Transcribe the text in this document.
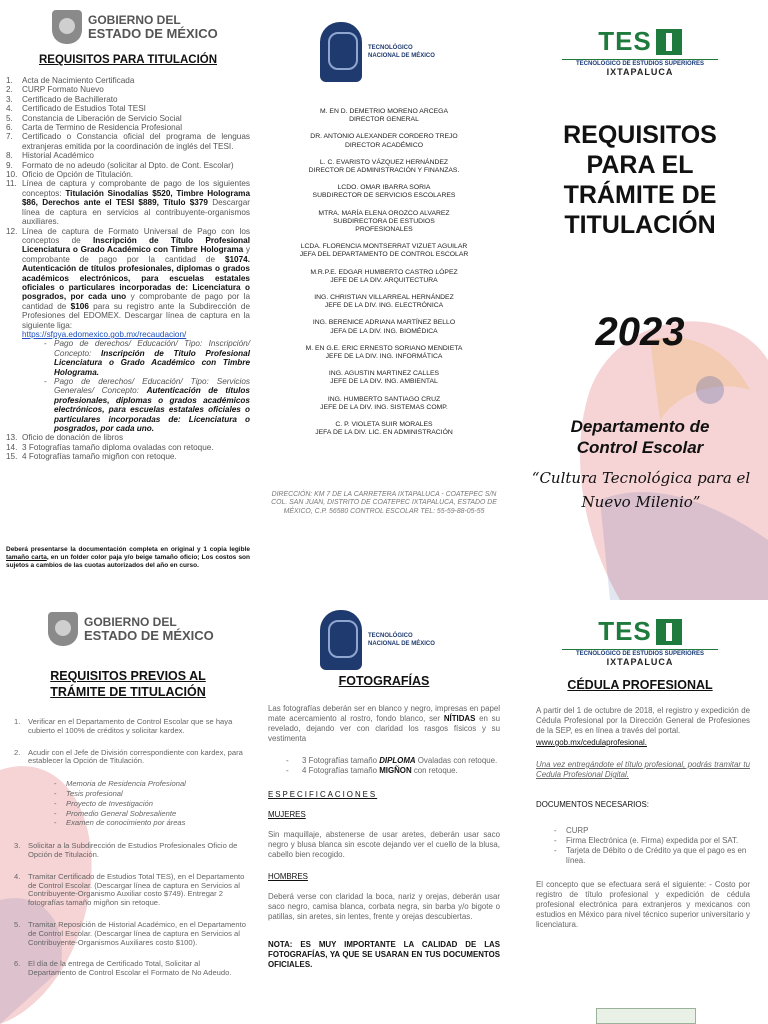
GOBIERNO DEL
ESTADO DE MÉXICO
REQUISITOS PARA TITULACIÓN
1.	Acta de Nacimiento Certificada
2.	CURP Formato Nuevo
3.	Certificado de Bachillerato
4.	Certificado de Estudios Total TESI
5.	Constancia de Liberación de Servicio Social
6.	Carta de Termino de Residencia Profesional
7.	Certificado o Constancia oficial del programa de lenguas extranjeras emitida por la coordinación de inglés del TESI.
8.	Historial Académico
9.	Formato de no adeudo (solicitar al Dpto. de Cont. Escolar)
10. Oficio de Opción de Titulación.
11. Línea de captura y comprobante de pago de los siguientes conceptos: Titulación Sinodalías $520, Timbre Holograma $86, Derechos ante el TESI $889, Título $379 Descargar línea de captura en servicios al contribuyente-organismos auxiliares.
12. Línea de captura de Formato Universal de Pago con los conceptos de Inscripción de Título Profesional Licenciatura o Grado Académico con Timbre Holograma y comprobante de pago por la cantidad de $1074. Autenticación de títulos profesionales, diplomas o grados académicos electrónicos, para escuelas estatales oficiales o particulares incorporadas de: Licenciatura o posgrados, por cada uno y comprobante de pago por la cantidad de $106 para su registro ante la Subdirección de Profesiones del EDOMEX. Descargar línea de captura en la siguiente liga:
https://sfpya.edomexico.gob.mx/recaudacion/
- Pago de derechos/ Educación/ Tipo: Inscripción/ Concepto: Inscripción de Título Profesional Licenciatura o Grado Académico con Timbre Holograma.
- Pago de derechos/ Educación/ Tipo: Servicios Generales/ Concepto: Autenticación de títulos profesionales, diplomas o grados académicos electrónicos, para escuelas estatales oficiales o particulares incorporadas de: Licenciatura o posgrados, por cada uno.
13. Oficio de donación de libros
14. 3 Fotografías tamaño diploma ovaladas con retoque.
15. 4 Fotografías tamaño migñon con retoque.
Deberá presentarse la documentación completa en original y 1 copia legible tamaño carta, en un folder color paja y/o beige tamaño oficio; Los costos son sujetos a cambios de las cuotas autorizados del año en curso.
TECNOLÓGICO
NACIONAL DE MÉXICO
M. EN D. DEMETRIO MORENO ARCEGA
DIRECTOR GENERAL
DR. ANTONIO ALEXANDER CORDERO TREJO
DIRECTOR ACADÉMICO
L. C. EVARISTO VÁZQUEZ HERNÁNDEZ
DIRECTOR DE ADMINISTRACIÓN Y FINANZAS.
LCDO. OMAR IBARRA SORIA
SUBDIRECTOR DE SERVICIOS ESCOLARES
MTRA. MARÍA ELENA OROZCO ALVAREZ
SUBDIRECTORA DE ESTUDIOS PROFESIONALES
LCDA. FLORENCIA MONTSERRAT VIZUET AGUILAR
JEFA DEL DEPARTAMENTO DE CONTROL ESCOLAR
M.R.P.E. EDGAR HUMBERTO CASTRO LÓPEZ
JEFE DE LA DIV. ARQUITECTURA
ING. CHRISTIAN VILLARREAL HERNÁNDEZ
JEFE DE LA DIV. ING. ELECTRÓNICA
ING. BERENICE ADRIANA MARTÍNEZ BELLO
JEFA DE LA DIV. ING. BIOMÉDICA
M. EN G.E. ERIC ERNESTO SORIANO MENDIETA
JEFE DE LA DIV. ING. INFORMÁTICA
ING. AGUSTIN MARTINEZ CALLES
JEFE DE LA DIV. ING. AMBIENTAL
ING. HUMBERTO SANTIAGO CRUZ
JEFE DE LA DIV. ING. SISTEMAS COMP.
C. P. VIOLETA SUIR MORALES
JEFA DE LA DIV. LIC. EN ADMINISTRACIÓN
DIRECCIÓN: KM 7 DE LA CARRETERA IXTAPALUCA - COATEPEC S/N COL. SAN JUAN, DISTRITO DE COATEPEC IXTAPALUCA, ESTADO DE MÉXICO, C.P. 56580 CONTROL ESCOLAR TEL: 55-59-88-05-55
TES
TECNOLÓGICO DE ESTUDIOS SUPERIORES
IXTAPALUCA
REQUISITOS
PARA EL
TRÁMITE DE
TITULACIÓN
2023
Departamento de
Control Escolar
“Cultura Tecnológica para el Nuevo Milenio”
GOBIERNO DEL
ESTADO DE MÉXICO
REQUISITOS PREVIOS AL
TRÁMITE DE TITULACIÓN
1.	Verificar en el Departamento de Control Escolar que se haya cubierto el 100% de créditos y solicitar kardex.
2.	Acudir con el Jefe de División correspondiente con kardex, para establecer la Opción de Titulación.
-	Memoria de Residencia Profesional
-	Tesis profesional
-	Proyecto de Investigación
-	Promedio General Sobresaliente
-	Examen de conocimiento por áreas
3.	Solicitar a la Subdirección de Estudios Profesionales Oficio de Opción de Titulación.
4.	Tramitar Certificado de Estudios Total TES), en el Departamento de Control Escolar. (Descargar línea de captura en Servicios al Contribuyente-Organismo Auxiliar costo $749). Entregar 2 fotografías tamaño migñon sin retoque.
5.	Tramitar Reposición de Historial Académico, en el Departamento de Control Escolar. (Descargar línea de captura en Servicios al Contribuyente-Organismos Auxiliares costo $100).
6.	El día de la entrega de Certificado Total, Solicitar al Departamento de Control Escolar el Formato de No Adeudo.
TECNOLÓGICO
NACIONAL DE MÉXICO
FOTOGRAFÍAS

Las fotografías deberán ser en blanco y negro, impresas en papel mate acercamiento al rostro, fondo blanco, ser NÍTIDAS en su revelado, dejando ver con claridad los rasgos físicos y su vestimenta

-	3 Fotografías tamaño DIPLOMA Ovaladas con retoque.
-	4 Fotografías tamaño MIGÑON con retoque.

ESPECIFICACIONES

MUJERES

Sin maquillaje, abstenerse de usar aretes, deberán usar saco negro y blusa blanca sin escote dejando ver el cuello de la blusa, cabello bien recogido.

HOMBRES

Deberá verse con claridad la boca, nariz y orejas, deberán usar saco negro, camisa blanca, corbata negra, sin barba y/o bigote o patillas, sin aretes, sin lentes, frente y orejas descubiertas.

NOTA: ES MUY IMPORTANTE LA CALIDAD DE LAS FOTOGRAFÍAS, YA QUE SE USARAN EN TUS DOCUMENTOS OFICIALES.

TES
TECNOLÓGICO DE ESTUDIOS SUPERIORES
IXTAPALUCA
CÉDULA PROFESIONAL

A partir del 1 de octubre de 2018, el registro y expedición de Cédula Profesional por la Dirección General de Profesiones de la SEP, es en línea a través del portal.

www.gob.mx/cedulaprofesional.

Una vez entregándote el título profesional, podrás tramitar tu Cedula Profesional Digital.

DOCUMENTOS NECESARIOS:

-	CURP
-	Firma Electrónica (e. Firma) expedida por el SAT.
-	Tarjeta de Débito o de Crédito ya que el pago es en línea.

El concepto que se efectuara será el siguiente: - Costo por registro de título profesional y expedición de cédula profesional electrónica para extranjeros y mexicanos con estudios en México para nivel técnico superior universitario y licenciatura.
